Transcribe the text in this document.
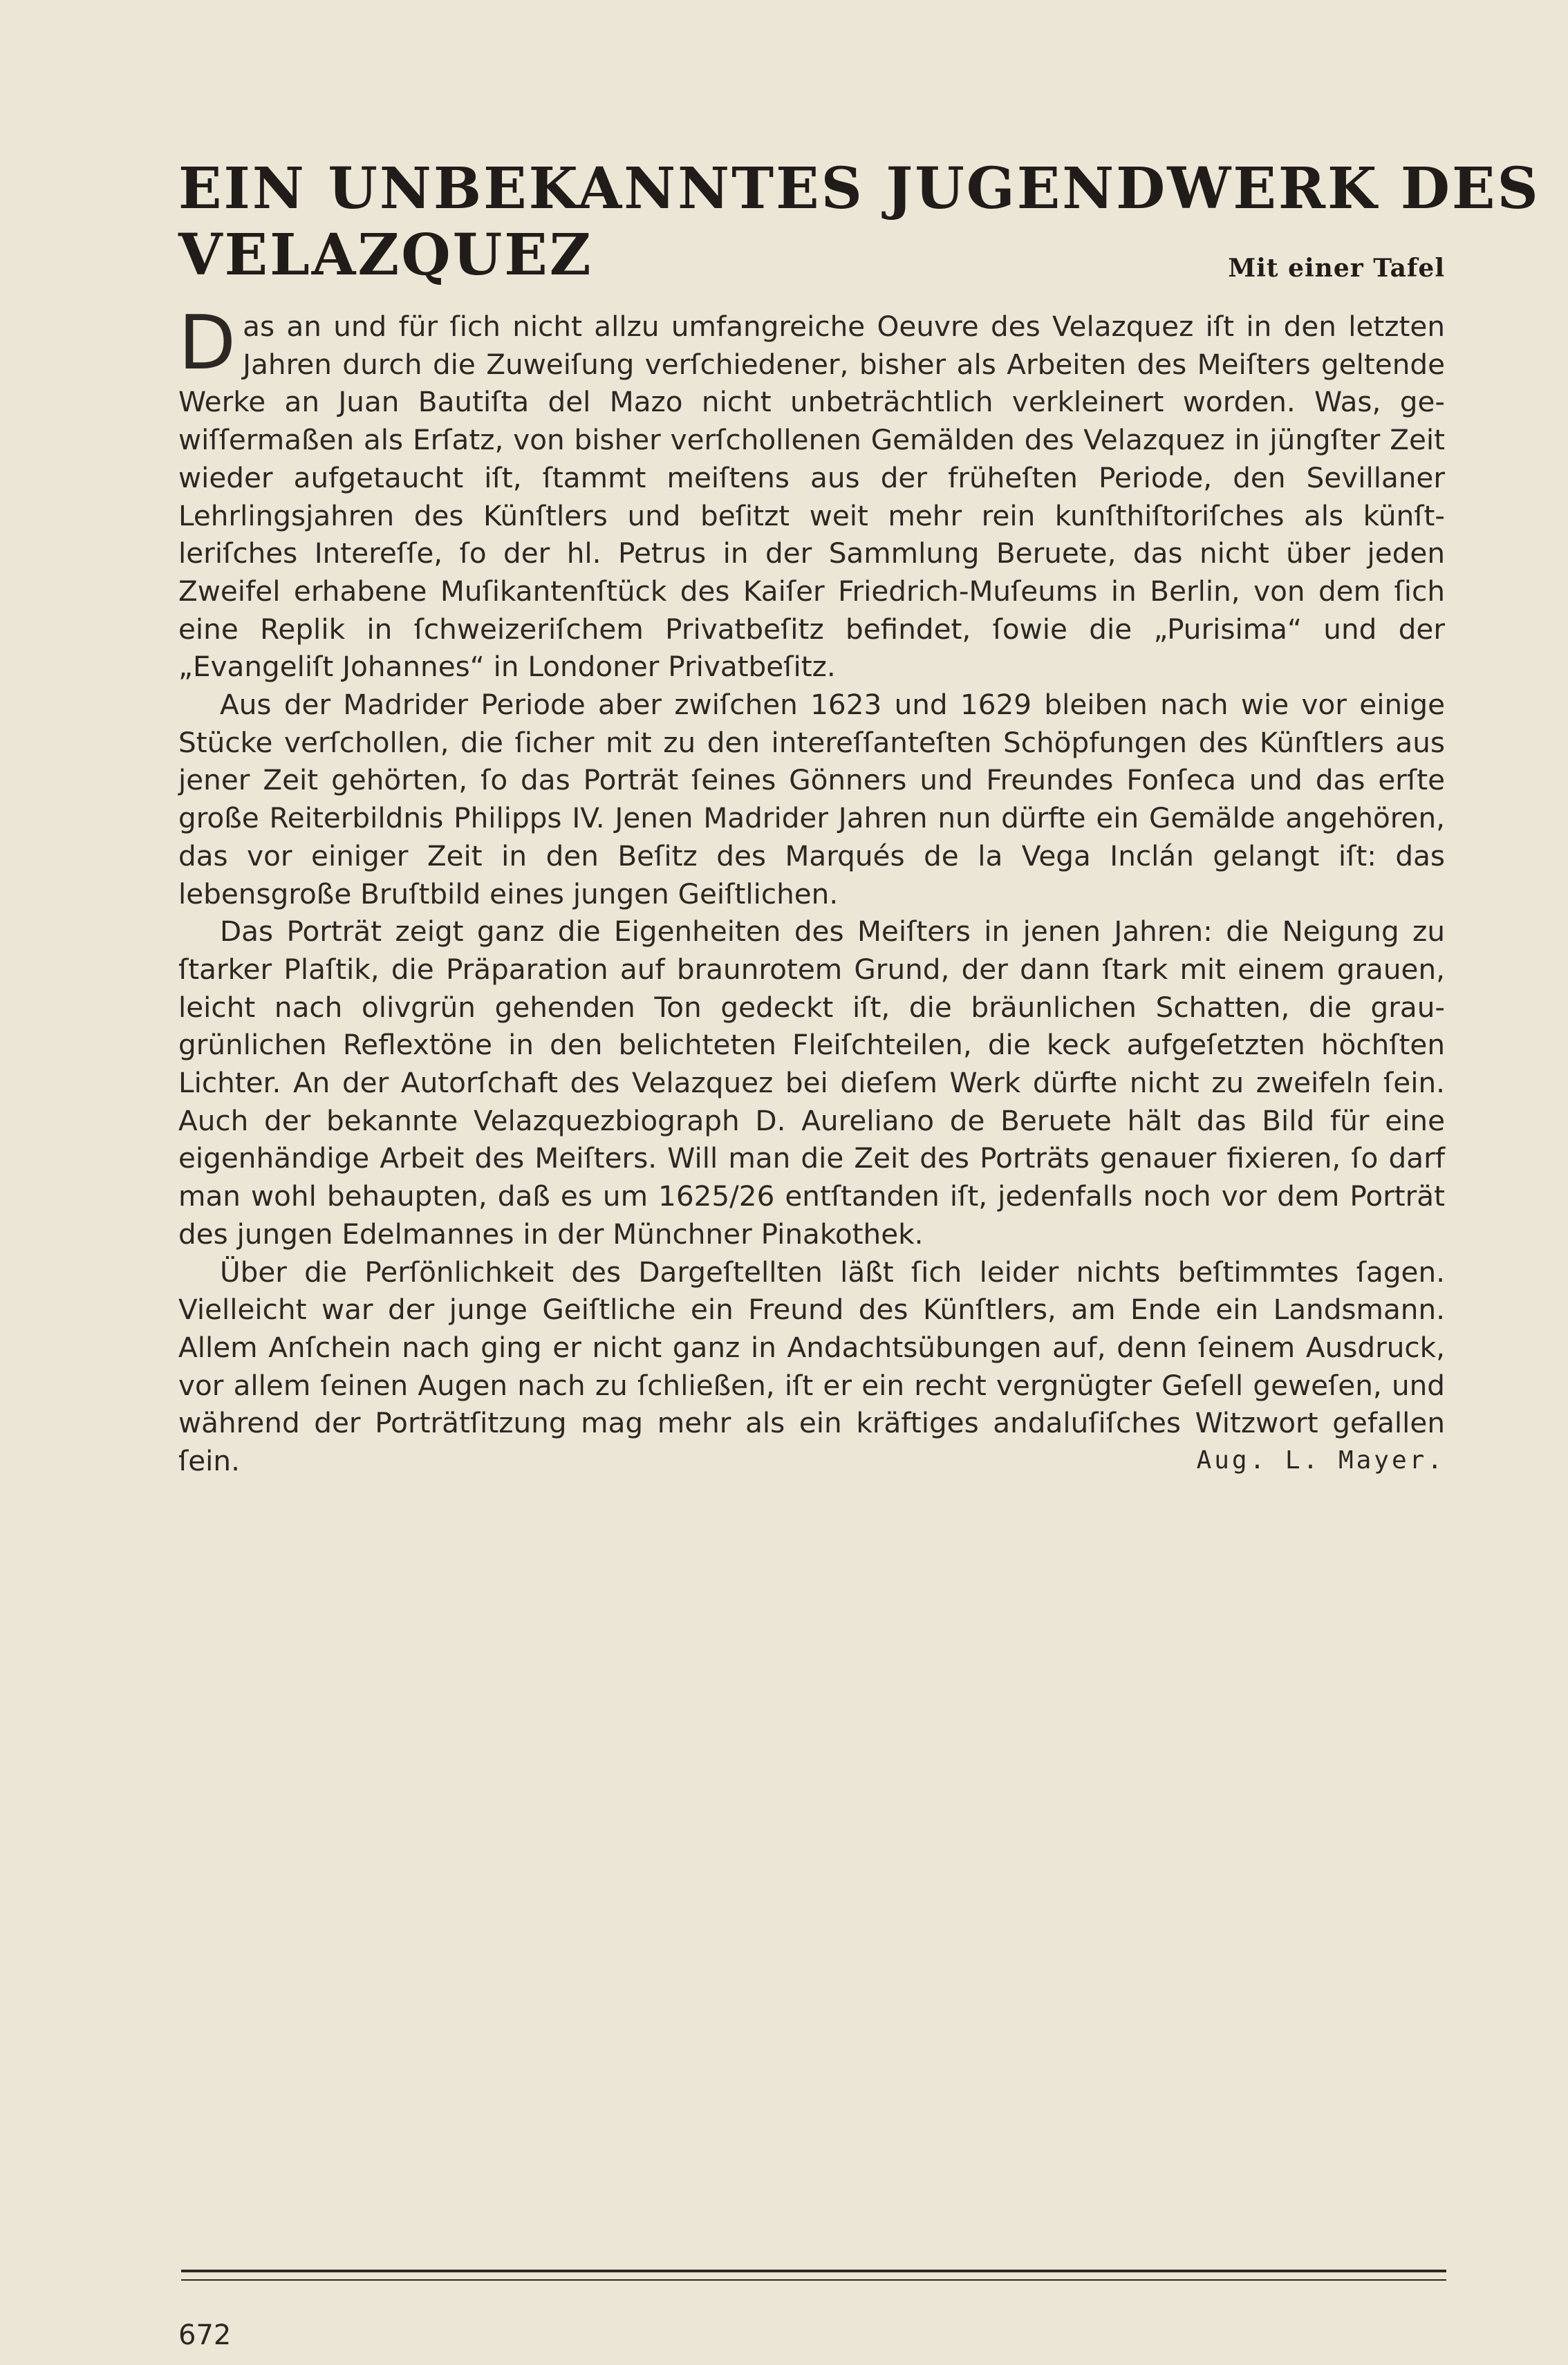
EIN UNBEKANNTES JUGENDWERK DES
VELAZQUEZ	Mit einer Tafel

Das an und für ſich nicht allzu umfangreiche Oeuvre des Velazquez iſt in den letzten Jahren durch die Zuweiſung verſchiedener, bisher als Arbeiten des Meiſters geltende Werke an Juan Bautiſta del Mazo nicht unbeträchtlich verkleinert worden. Was, gewiſſermaßen als Erſatz, von bisher verſchollenen Gemälden des Velazquez in jüngſter Zeit wieder aufgetaucht iſt, ſtammt meiſtens aus der früheſten Periode, den Sevillaner Lehrlingsjahren des Künſtlers und beſitzt weit mehr rein kunſthiſtoriſches als künſtleriſches Intereſſe, ſo der hl. Petrus in der Sammlung Beruete, das nicht über jeden Zweifel erhabene Muſikantenſtück des Kaiſer Friedrich-Muſeums in Berlin, von dem ſich eine Replik in ſchweizeriſchem Privatbeſitz befindet, ſowie die „Purisima“ und der „Evangeliſt Johannes“ in Londoner Privatbeſitz.

Aus der Madrider Periode aber zwiſchen 1623 und 1629 bleiben nach wie vor einige Stücke verſchollen, die ſicher mit zu den intereſſanteſten Schöpfungen des Künſtlers aus jener Zeit gehörten, ſo das Porträt ſeines Gönners und Freundes Fonſeca und das erſte große Reiterbildnis Philipps IV. Jenen Madrider Jahren nun dürfte ein Gemälde angehören, das vor einiger Zeit in den Beſitz des Marqués de la Vega Inclán gelangt iſt: das lebensgroße Bruſtbild eines jungen Geiſtlichen.

Das Porträt zeigt ganz die Eigenheiten des Meiſters in jenen Jahren: die Neigung zu ſtarker Plaſtik, die Präparation auf braunrotem Grund, der dann ſtark mit einem grauen, leicht nach olivgrün gehenden Ton gedeckt iſt, die bräunlichen Schatten, die grau-grünlichen Reflextöne in den belichteten Fleiſchteilen, die keck aufgeſetzten höchſten Lichter. An der Autorſchaft des Velazquez bei dieſem Werk dürfte nicht zu zweifeln ſein. Auch der bekannte Velazquezbiograph D. Aureliano de Beruete hält das Bild für eine eigenhändige Arbeit des Meiſters. Will man die Zeit des Porträts genauer fixieren, ſo darf man wohl behaupten, daß es um 1625/26 entſtanden iſt, jedenfalls noch vor dem Porträt des jungen Edelmannes in der Münchner Pinakothek.

Über die Perſönlichkeit des Dargeſtellten läßt ſich leider nichts beſtimmtes ſagen. Vielleicht war der junge Geiſtliche ein Freund des Künſtlers, am Ende ein Landsmann. Allem Anſchein nach ging er nicht ganz in Andachtsübungen auf, denn ſeinem Ausdruck, vor allem ſeinen Augen nach zu ſchließen, iſt er ein recht vergnügter Geſell geweſen, und während der Porträtſitzung mag mehr als ein kräftiges andaluſiſches Witzwort gefallen ſein.	Aug. L. Mayer.

672
